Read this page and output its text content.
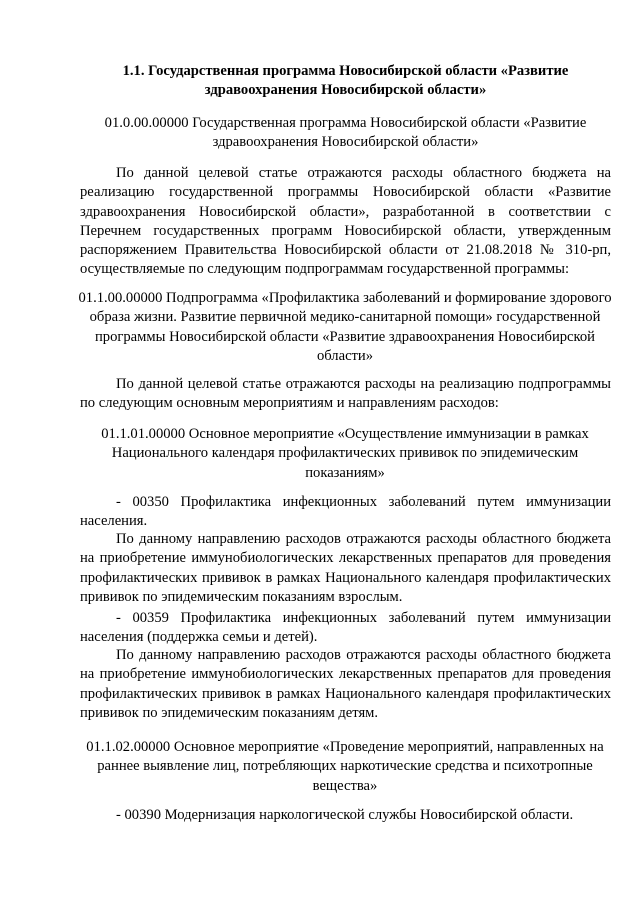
1.1. Государственная программа Новосибирской области «Развитие здравоохранения Новосибирской области»
01.0.00.00000 Государственная программа Новосибирской области «Развитие здравоохранения Новосибирской области»
По данной целевой статье отражаются расходы областного бюджета на реализацию государственной программы Новосибирской области «Развитие здравоохранения Новосибирской области», разработанной в соответствии с Перечнем государственных программ Новосибирской области, утвержденным распоряжением Правительства Новосибирской области от 21.08.2018 № 310-рп, осуществляемые по следующим подпрограммам государственной программы:
01.1.00.00000 Подпрограмма «Профилактика заболеваний и формирование здорового образа жизни. Развитие первичной медико-санитарной помощи» государственной программы Новосибирской области «Развитие здравоохранения Новосибирской области»
По данной целевой статье отражаются расходы на реализацию подпрограммы по следующим основным мероприятиям и направлениям расходов:
01.1.01.00000 Основное мероприятие «Осуществление иммунизации в рамках Национального календаря профилактических прививок по эпидемическим показаниям»
- 00350 Профилактика инфекционных заболеваний путем иммунизации населения.
По данному направлению расходов отражаются расходы областного бюджета на приобретение иммунобиологических лекарственных препаратов для проведения профилактических прививок в рамках Национального календаря профилактических прививок по эпидемическим показаниям взрослым.
- 00359 Профилактика инфекционных заболеваний путем иммунизации населения (поддержка семьи и детей).
По данному направлению расходов отражаются расходы областного бюджета на приобретение иммунобиологических лекарственных препаратов для проведения профилактических прививок в рамках Национального календаря профилактических прививок по эпидемическим показаниям детям.
01.1.02.00000 Основное мероприятие «Проведение мероприятий, направленных на раннее выявление лиц, потребляющих наркотические средства и психотропные вещества»
- 00390 Модернизация наркологической службы Новосибирской области.
